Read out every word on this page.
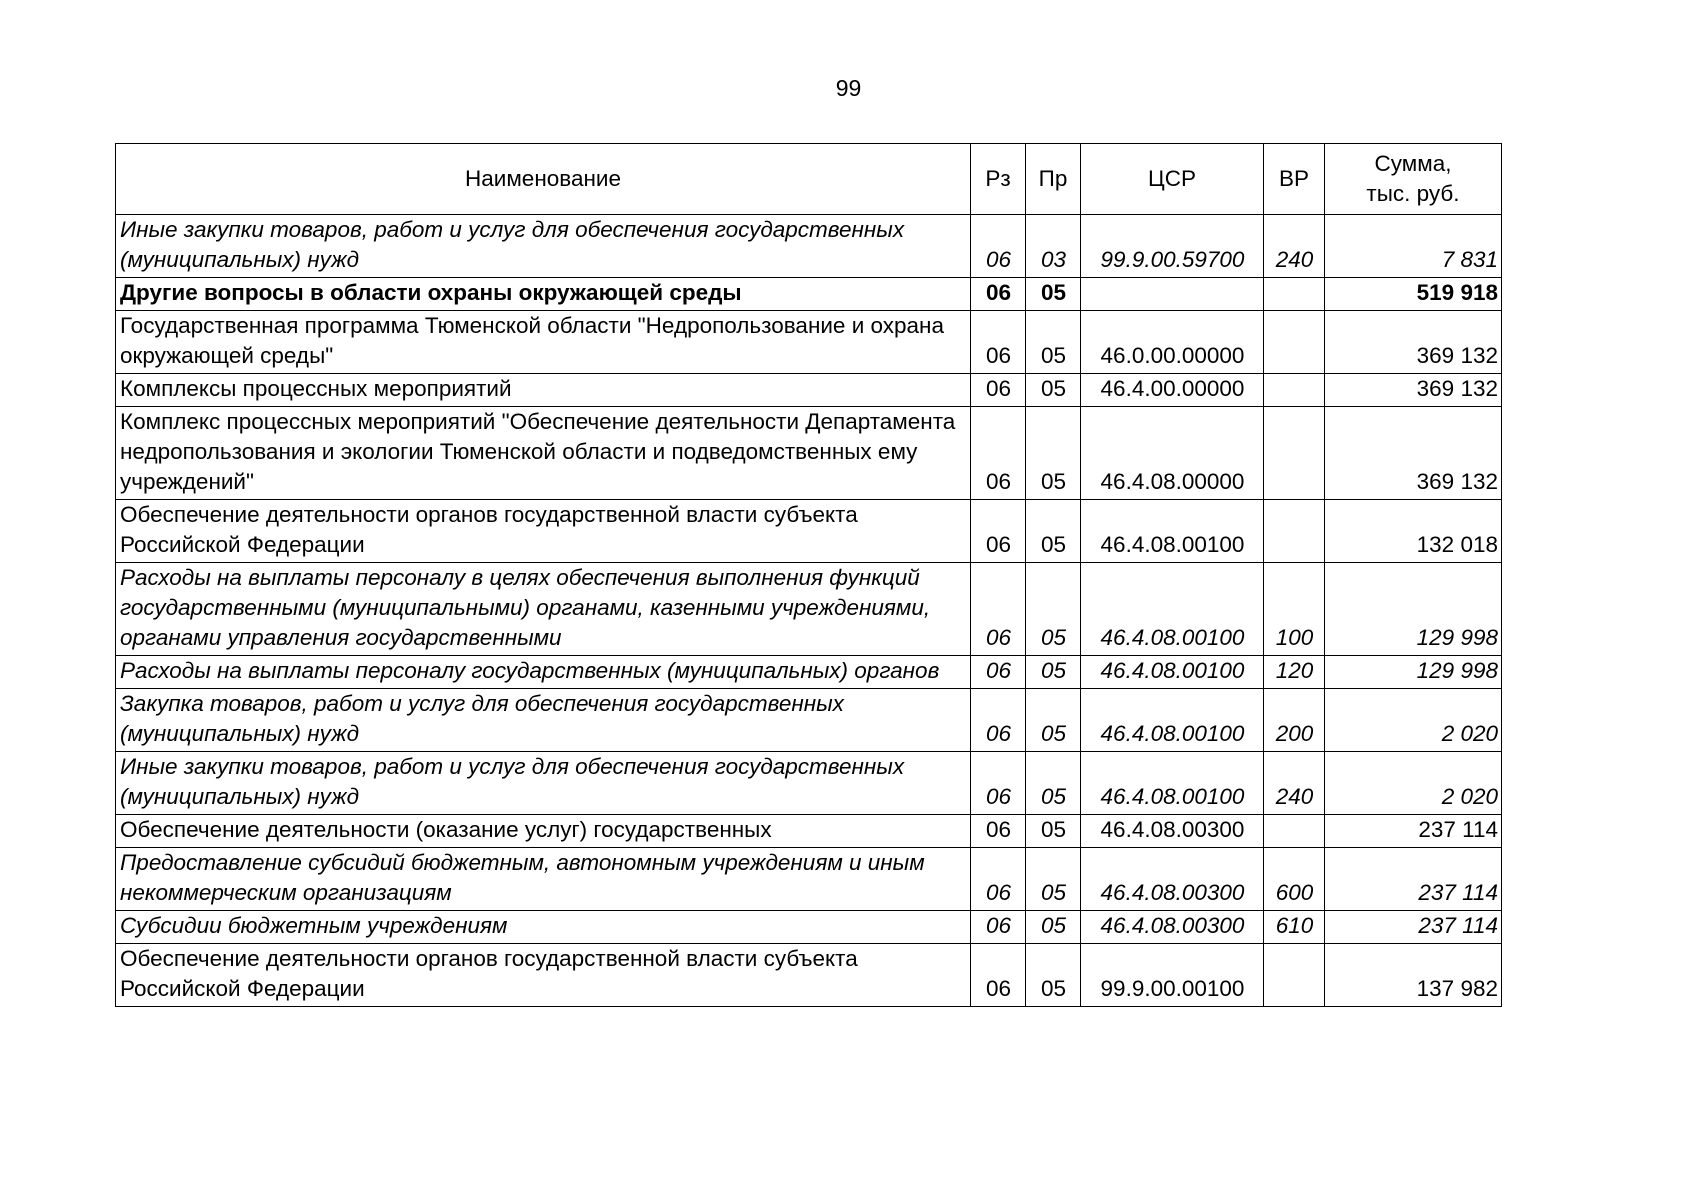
99
Наименование	Рз	Пр	ЦСР	ВР	Сумма,
тыс. руб.

Иные закупки товаров, работ и услуг для обеспечения государственных (муниципальных) нужд	06	03	99.9.00.59700	240	7 831
Другие вопросы в области охраны окружающей среды	06	05			519 918
Государственная программа Тюменской области "Недропользование и охрана окружающей среды"	06	05	46.0.00.00000		369 132
Комплексы процессных мероприятий	06	05	46.4.00.00000		369 132
Комплекс процессных мероприятий "Обеспечение деятельности Департамента недропользования и экологии Тюменской области и подведомственных ему учреждений"	06	05	46.4.08.00000		369 132
Обеспечение деятельности органов государственной власти субъекта Российской Федерации	06	05	46.4.08.00100		132 018
Расходы на выплаты персоналу в целях обеспечения выполнения функций государственными (муниципальными) органами, казенными учреждениями, органами управления государственными	06	05	46.4.08.00100	100	129 998
Расходы на выплаты персоналу государственных (муниципальных) органов	06	05	46.4.08.00100	120	129 998
Закупка товаров, работ и услуг для обеспечения государственных (муниципальных) нужд	06	05	46.4.08.00100	200	2 020
Иные закупки товаров, работ и услуг для обеспечения государственных (муниципальных) нужд	06	05	46.4.08.00100	240	2 020
Обеспечение деятельности (оказание услуг) государственных	06	05	46.4.08.00300		237 114
Предоставление субсидий бюджетным, автономным учреждениям и иным некоммерческим организациям	06	05	46.4.08.00300	600	237 114
Субсидии бюджетным учреждениям	06	05	46.4.08.00300	610	237 114
Обеспечение деятельности органов государственной власти субъекта Российской Федерации	06	05	99.9.00.00100		137 982
